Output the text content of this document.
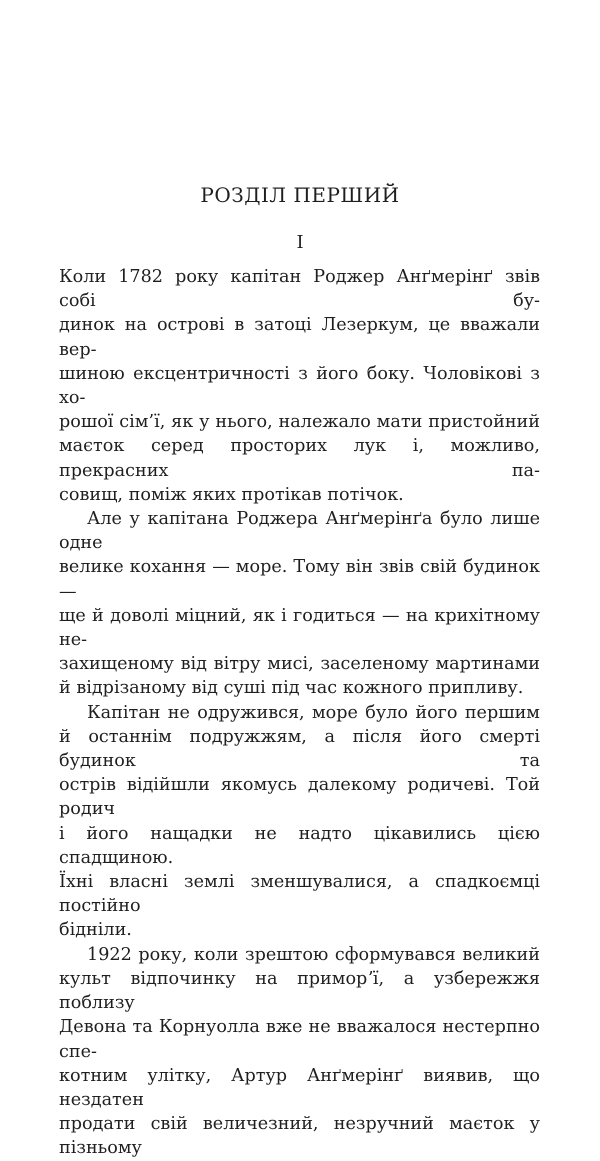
РОЗДІЛ ПЕРШИЙ
І

Коли 1782 року капітан Роджер Анґмерінґ звів собі бу-
динок на острові в затоці Лезеркум, це вважали вер-
шиною ексцентричності з його боку. Чоловікові з хо-
рошої сім’ї, як у нього, належало мати пристойний
маєток серед просторих лук і, можливо, прекрасних па-
совищ, поміж яких протікав потічок.

Але у капітана Роджера Анґмерінґа було лише одне
велике кохання — море. Тому він звів свій будинок —
ще й доволі міцний, як і годиться — на крихітному не-
захищеному від вітру мисі, заселеному мартинами
й відрізаному від суші під час кожного припливу.

Капітан не одружився, море було його першим
й останнім подружжям, а після його смерті будинок та
острів відійшли якомусь далекому родичеві. Той родич
і його нащадки не надто цікавились цією спадщиною.
Їхні власні землі зменшувалися, а спадкоємці постійно
бідніли.

1922 року, коли зрештою сформувався великий
культ відпочинку на приморʼї, а узбережжя поблизу
Девона та Корнуолла вже не вважалося нестерпно спе-
котним улітку, Артур Анґмерінґ виявив, що нездатен
продати свій величезний, незручний маєток у пізньому
